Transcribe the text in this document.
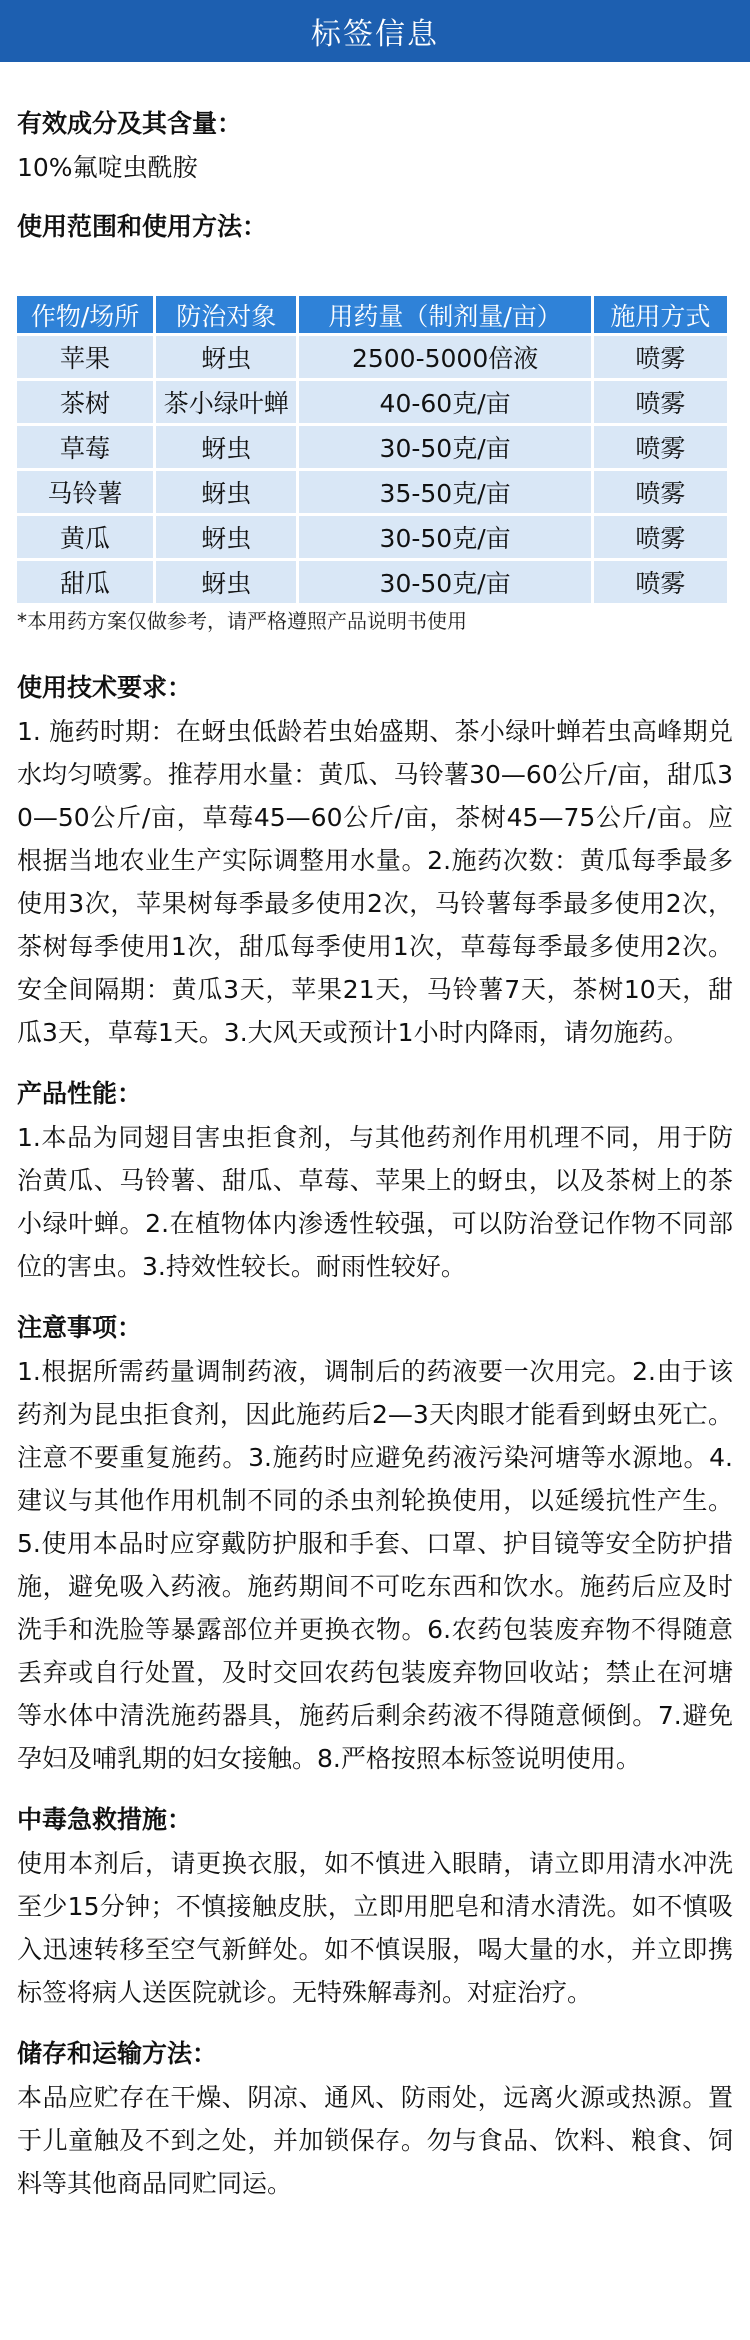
标签信息
有效成分及其含量：
10%氟啶虫酰胺
使用范围和使用方法：
作物/场所	防治对象	用药量（制剂量/亩）	施用方式
苹果	蚜虫	2500-5000倍液	喷雾
茶树	茶小绿叶蝉	40-60克/亩	喷雾
草莓	蚜虫	30-50克/亩	喷雾
马铃薯	蚜虫	35-50克/亩	喷雾
黄瓜	蚜虫	30-50克/亩	喷雾
甜瓜	蚜虫	30-50克/亩	喷雾
*本用药方案仅做参考，请严格遵照产品说明书使用
使用技术要求：
1. 施药时期：在蚜虫低龄若虫始盛期、茶小绿叶蝉若虫高峰期兑水均匀喷雾。推荐用水量：黄瓜、马铃薯30—60公斤/亩，甜瓜30—50公斤/亩，草莓45—60公斤/亩，茶树45—75公斤/亩。应根据当地农业生产实际调整用水量。2.施药次数：黄瓜每季最多使用3次，苹果树每季最多使用2次，马铃薯每季最多使用2次，茶树每季使用1次，甜瓜每季使用1次，草莓每季最多使用2次。安全间隔期：黄瓜3天，苹果21天，马铃薯7天，茶树10天，甜瓜3天，草莓1天。3.大风天或预计1小时内降雨，请勿施药。
产品性能：
1.本品为同翅目害虫拒食剂，与其他药剂作用机理不同，用于防治黄瓜、马铃薯、甜瓜、草莓、苹果上的蚜虫，以及茶树上的茶小绿叶蝉。2.在植物体内渗透性较强，可以防治登记作物不同部位的害虫。3.持效性较长。耐雨性较好。
注意事项：
1.根据所需药量调制药液，调制后的药液要一次用完。2.由于该药剂为昆虫拒食剂，因此施药后2—3天肉眼才能看到蚜虫死亡。注意不要重复施药。3.施药时应避免药液污染河塘等水源地。4.建议与其他作用机制不同的杀虫剂轮换使用，以延缓抗性产生。5.使用本品时应穿戴防护服和手套、口罩、护目镜等安全防护措施，避免吸入药液。施药期间不可吃东西和饮水。施药后应及时洗手和洗脸等暴露部位并更换衣物。6.农药包装废弃物不得随意丢弃或自行处置，及时交回农药包装废弃物回收站；禁止在河塘等水体中清洗施药器具，施药后剩余药液不得随意倾倒。7.避免孕妇及哺乳期的妇女接触。8.严格按照本标签说明使用。
中毒急救措施：
使用本剂后，请更换衣服，如不慎进入眼睛，请立即用清水冲洗至少15分钟；不慎接触皮肤，立即用肥皂和清水清洗。如不慎吸入迅速转移至空气新鲜处。如不慎误服，喝大量的水，并立即携标签将病人送医院就诊。无特殊解毒剂。对症治疗。
储存和运输方法：
本品应贮存在干燥、阴凉、通风、防雨处，远离火源或热源。置于儿童触及不到之处，并加锁保存。勿与食品、饮料、粮食、饲料等其他商品同贮同运。
